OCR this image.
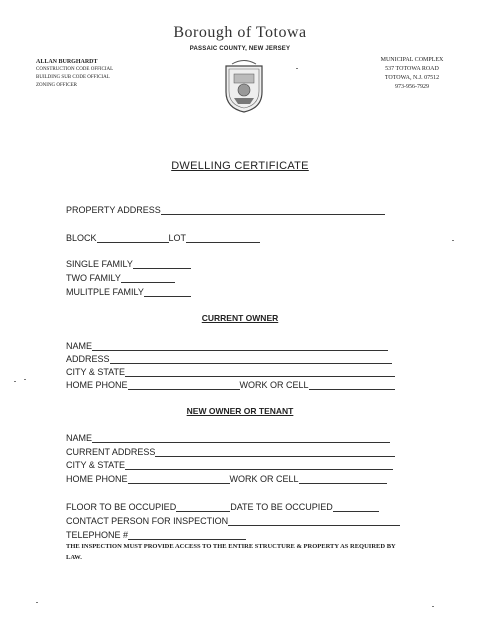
Borough of Totowa
PASSAIC COUNTY, NEW JERSEY
ALLAN BURGHARDT
CONSTRUCTION CODE OFFICIAL
BUILDING SUB CODE OFFICIAL
ZONING OFFICER
MUNICIPAL COMPLEX
537 TOTOWA ROAD
TOTOWA, N.J. 07512
973-956-7929
DWELLING CERTIFICATE
PROPERTY ADDRESS
BLOCK	LOT
SINGLE FAMILY
TWO FAMILY
MULITPLE FAMILY
CURRENT OWNER
NAME
ADDRESS
CITY & STATE
HOME PHONE	WORK OR CELL
NEW OWNER OR TENANT
NAME
CURRENT ADDRESS
CITY & STATE
HOME PHONE	WORK OR CELL
FLOOR TO BE OCCUPIED	DATE TO BE OCCUPIED
CONTACT PERSON FOR INSPECTION
TELEPHONE #
THE INSPECTION MUST PROVIDE ACCESS TO THE ENTIRE STRUCTURE & PROPERTY AS REQUIRED BY LAW.
